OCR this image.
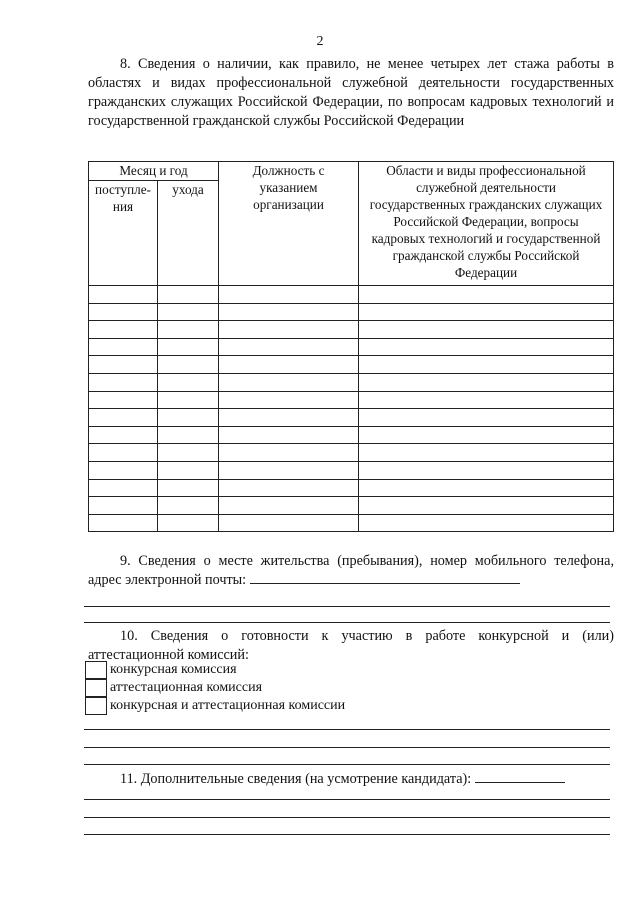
2
8. Сведения о наличии, как правило, не менее четырех лет стажа работы в областях и видах профессиональной служебной деятельности государственных гражданских служащих Российской Федерации, по вопросам кадровых технологий и государственной гражданской службы Российской Федерации
Месяц и год		Должность с указанием организации	Области и виды профессиональной служебной деятельности государственных гражданских служащих Российской Федерации, вопросы кадровых технологий и государственной гражданской службы Российской Федерации
поступле-ния	ухода		

9. Сведения о месте жительства (пребывания), номер мобильного телефона, адрес электронной почты:
10. Сведения о готовности к участию в работе конкурсной и (или) аттестационной комиссий:
конкурсная комиссия
аттестационная комиссия
конкурсная и аттестационная комиссии
11. Дополнительные сведения (на усмотрение кандидата):
